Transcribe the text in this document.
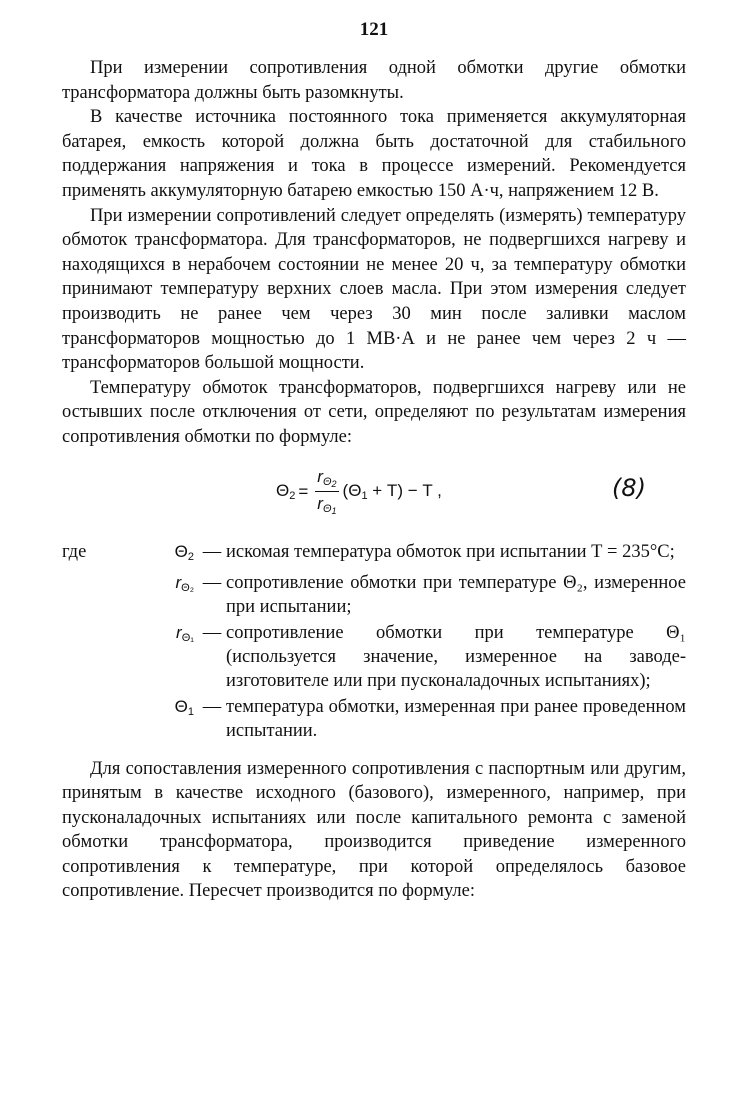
121

При измерении сопротивления одной обмотки другие обмотки трансформатора должны быть разомкнуты.

В качестве источника постоянного тока применяется аккумуляторная батарея, емкость которой должна быть достаточной для стабильного поддержания напряжения и тока в процессе измерений. Рекомендуется применять аккумуляторную батарею емкостью 150 А·ч, напряжением 12 В.

При измерении сопротивлений следует определять (измерять) температуру обмоток трансформатора. Для трансформаторов, не подвергшихся нагреву и находящихся в нерабочем состоянии не менее 20 ч, за температуру обмотки принимают температуру верхних слоев масла. При этом измерения следует производить не ранее чем через 30 мин после заливки маслом трансформаторов мощностью до 1 МВ·А и не ранее чем через 2 ч — трансформаторов большой мощности.

Температуру обмоток трансформаторов, подвергшихся нагреву или не остывших после отключения от сети, определяют по результатам измерения сопротивления обмотки по формуле:

$\Theta_2 = \frac{r_{\Theta_2}}{r_{\Theta_1}} (\Theta_1 + T) - T$ ,	(8)
где	$\Theta_2$ — искомая температура обмоток при испытании Т = 235°С;
$r_{\Theta_2}$ — сопротивление обмотки при температуре Θ₂, измеренное при испытании;
$r_{\Theta_1}$ — сопротивление обмотки при температуре Θ₁ (используется значение, измеренное на заводе-изготовителе или при пусконаладочных испытаниях);
$\Theta_1$ — температура обмотки, измеренная при ранее проведенном испытании.

Для сопоставления измеренного сопротивления с паспортным или другим, принятым в качестве исходного (базового), измеренного, например, при пусконаладочных испытаниях или после капитального ремонта с заменой обмотки трансформатора, производится приведение измеренного сопротивления к температуре, при которой определялось базовое сопротивление. Пересчет производится по формуле:
